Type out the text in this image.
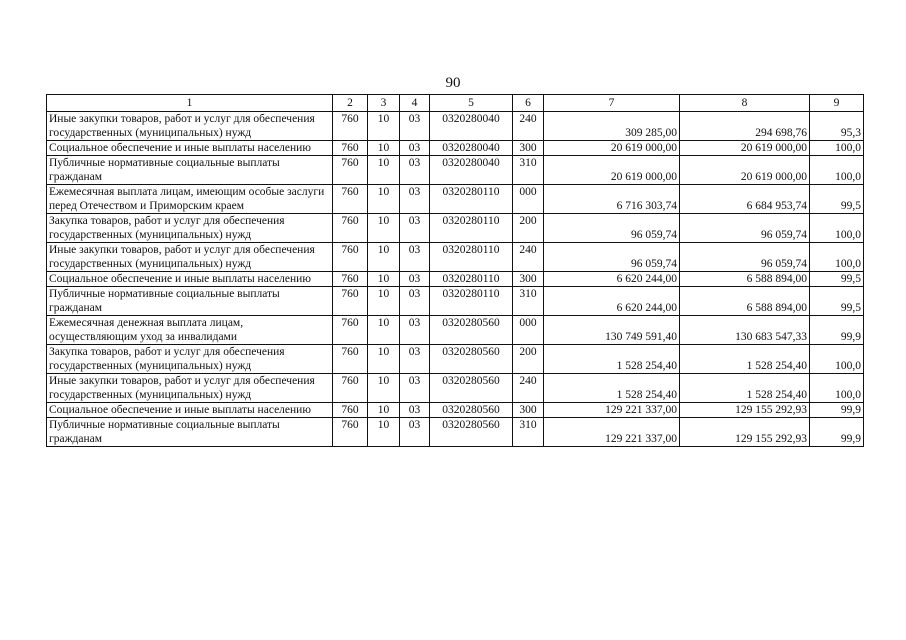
90
1	2	3	4	5	6	7	8	9
Иные закупки товаров, работ и услуг для обеспечения государственных (муниципальных) нужд	760	10	03	0320280040	240	309 285,00	294 698,76	95,3
Социальное обеспечение и иные выплаты населению	760	10	03	0320280040	300	20 619 000,00	20 619 000,00	100,0
Публичные нормативные социальные выплаты гражданам	760	10	03	0320280040	310	20 619 000,00	20 619 000,00	100,0
Ежемесячная выплата лицам, имеющим особые заслуги перед Отечеством и Приморским краем	760	10	03	0320280110	000	6 716 303,74	6 684 953,74	99,5
Закупка товаров, работ и услуг для обеспечения государственных (муниципальных) нужд	760	10	03	0320280110	200	96 059,74	96 059,74	100,0
Иные закупки товаров, работ и услуг для обеспечения государственных (муниципальных) нужд	760	10	03	0320280110	240	96 059,74	96 059,74	100,0
Социальное обеспечение и иные выплаты населению	760	10	03	0320280110	300	6 620 244,00	6 588 894,00	99,5
Публичные нормативные социальные выплаты гражданам	760	10	03	0320280110	310	6 620 244,00	6 588 894,00	99,5
Ежемесячная денежная выплата лицам, осуществляющим уход за инвалидами	760	10	03	0320280560	000	130 749 591,40	130 683 547,33	99,9
Закупка товаров, работ и услуг для обеспечения государственных (муниципальных) нужд	760	10	03	0320280560	200	1 528 254,40	1 528 254,40	100,0
Иные закупки товаров, работ и услуг для обеспечения государственных (муниципальных) нужд	760	10	03	0320280560	240	1 528 254,40	1 528 254,40	100,0
Социальное обеспечение и иные выплаты населению	760	10	03	0320280560	300	129 221 337,00	129 155 292,93	99,9
Публичные нормативные социальные выплаты гражданам	760	10	03	0320280560	310	129 221 337,00	129 155 292,93	99,9
